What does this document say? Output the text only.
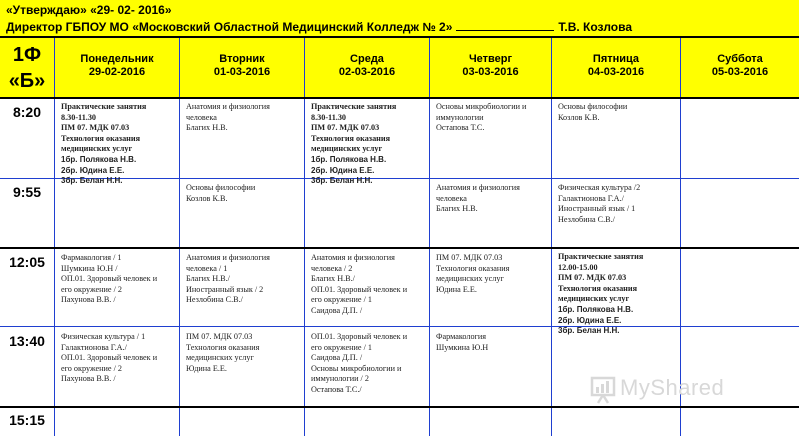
«Утверждаю» «29- 02- 2016»
Директор ГБПОУ МО «Московский Областной Медицинский Колледж № 2»	Т.В. Козлова
1Ф
«Б»
Понедельник
29-02-2016
Вторник
01-03-2016
Среда
02-03-2016
Четверг
03-03-2016
Пятница
04-03-2016
Суббота
05-03-2016
8:20
9:55
12:05
13:40
15:15
Практические занятия
8.30-11.30
ПМ 07. МДК 07.03
Технология оказания
медицинских услуг
1бр. Полякова Н.В.
2бр. Юдина Е.Е.
3бр. Белан Н.Н.
Анатомия и физиология
человека
Благих Н.В.
Основы философии
Козлов К.В.
Практические занятия
8.30-11.30
ПМ 07. МДК 07.03
Технология оказания
медицинских услуг
1бр. Полякова Н.В.
2бр. Юдина Е.Е.
3бр. Белан Н.Н.
Основы микробиологии и
иммунологии
Остапова Т.С.
Анатомия и физиология
человека
Благих Н.В.
Основы философии
Козлов К.В.
Физическая культура /2
Галактионова Г.А./
Иностранный язык / 1
Незлобина С.В./
Фармакология / 1
Шумкина Ю.Н /
ОП.01. Здоровый человек и
его окружение / 2
Пахунова В.В. /
Анатомия и физиология
человека / 1
Благих Н.В./
Иностранный язык / 2
Незлобина С.В./
Анатомия и физиология
человека / 2
Благих Н.В./
ОП.01. Здоровый человек и
его окружение / 1
Саидова Д.П. /
ПМ 07. МДК 07.03
Технология оказания
медицинских услуг
Юдина Е.Е.
Практические занятия
12.00-15.00
ПМ 07. МДК 07.03
Технология оказания
медицинских услуг
1бр. Полякова Н.В.
2бр. Юдина Е.Е.
3бр. Белан Н.Н.
Физическая культура / 1
Галактионова Г.А./
ОП.01. Здоровый человек и
его окружение / 2
Пахунова В.В. /
ПМ 07. МДК 07.03
Технология оказания
медицинских услуг
Юдина Е.Е.
ОП.01. Здоровый человек и
его окружение / 1
Саидова Д.П. /
Основы микробиологии и
иммунологии / 2
Остапова Т.С./
Фармакология
Шумкина Ю.Н
MyShared
